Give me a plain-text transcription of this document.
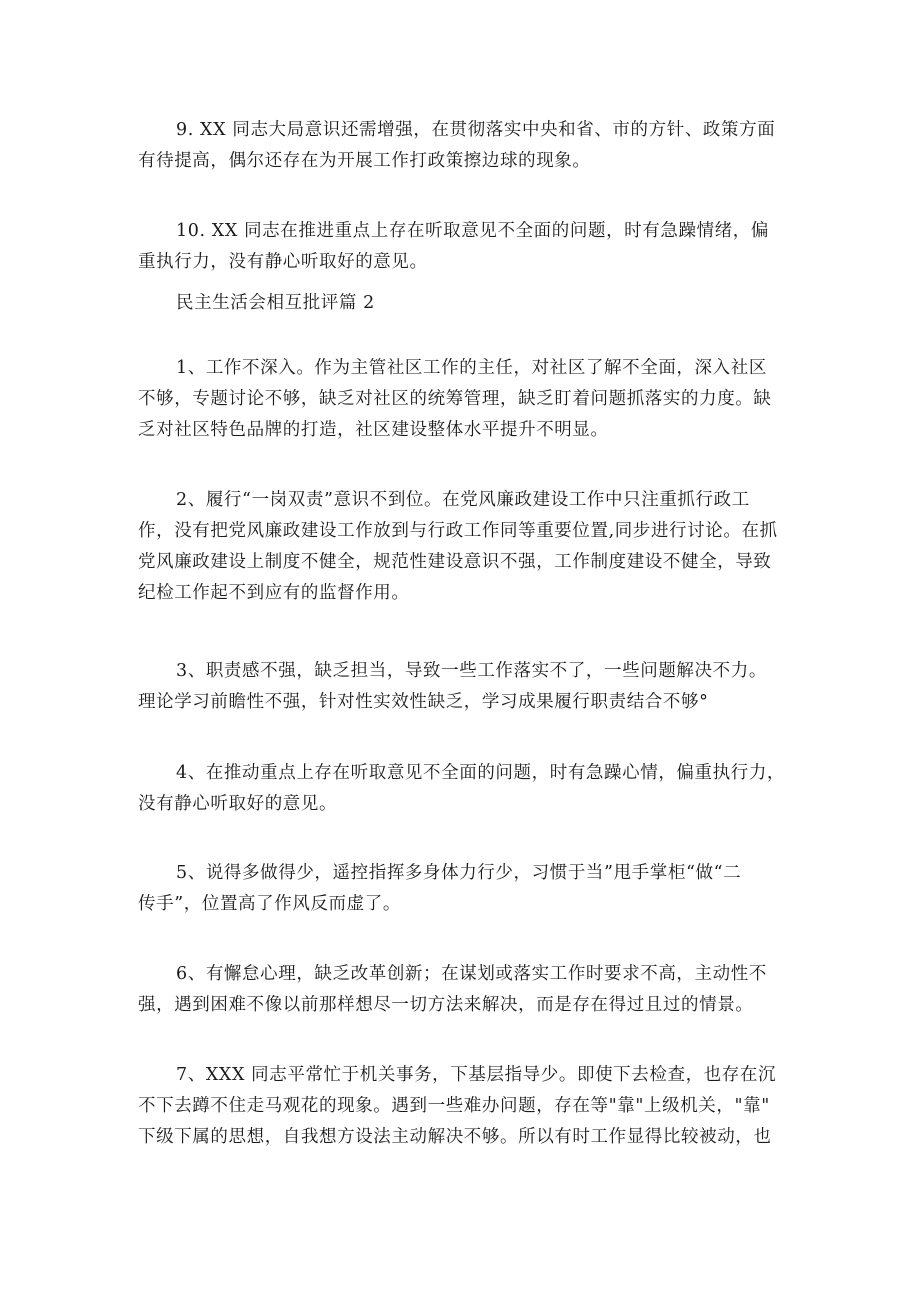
9. XX 同志大局意识还需增强，在贯彻落实中央和省、市的方针、政策方面
有待提高，偶尔还存在为开展工作打政策擦边球的现象。

10. XX 同志在推进重点上存在听取意见不全面的问题，时有急躁情绪，偏
重执行力，没有静心听取好的意见。

民主生活会相互批评篇 2

1、工作不深入。作为主管社区工作的主任，对社区了解不全面，深入社区
不够，专题讨论不够，缺乏对社区的统筹管理，缺乏盯着问题抓落实的力度。缺
乏对社区特色品牌的打造，社区建设整体水平提升不明显。

2、履行“一岗双责”意识不到位。在党风廉政建设工作中只注重抓行政工
作，没有把党风廉政建设工作放到与行政工作同等重要位置,同步进行讨论。在抓
党风廉政建设上制度不健全，规范性建设意识不强，工作制度建设不健全，导致
纪检工作起不到应有的监督作用。

3、职责感不强，缺乏担当，导致一些工作落实不了，一些问题解决不力。
理论学习前瞻性不强，针对性实效性缺乏，学习成果履行职责结合不够°

4、在推动重点上存在听取意见不全面的问题，时有急躁心情，偏重执行力，
没有静心听取好的意见。

5、说得多做得少，遥控指挥多身体力行少，习惯于当”甩手掌柜“做“二
传手”，位置高了作风反而虚了。

6、有懈怠心理，缺乏改革创新；在谋划或落实工作时要求不高，主动性不
强，遇到困难不像以前那样想尽一切方法来解决，而是存在得过且过的情景。

7、XXX 同志平常忙于机关事务，下基层指导少。即使下去检查，也存在沉
不下去蹲不住走马观花的现象。遇到一些难办问题，存在等"靠"上级机关，"靠"
下级下属的思想，自我想方设法主动解决不够。所以有时工作显得比较被动，也
